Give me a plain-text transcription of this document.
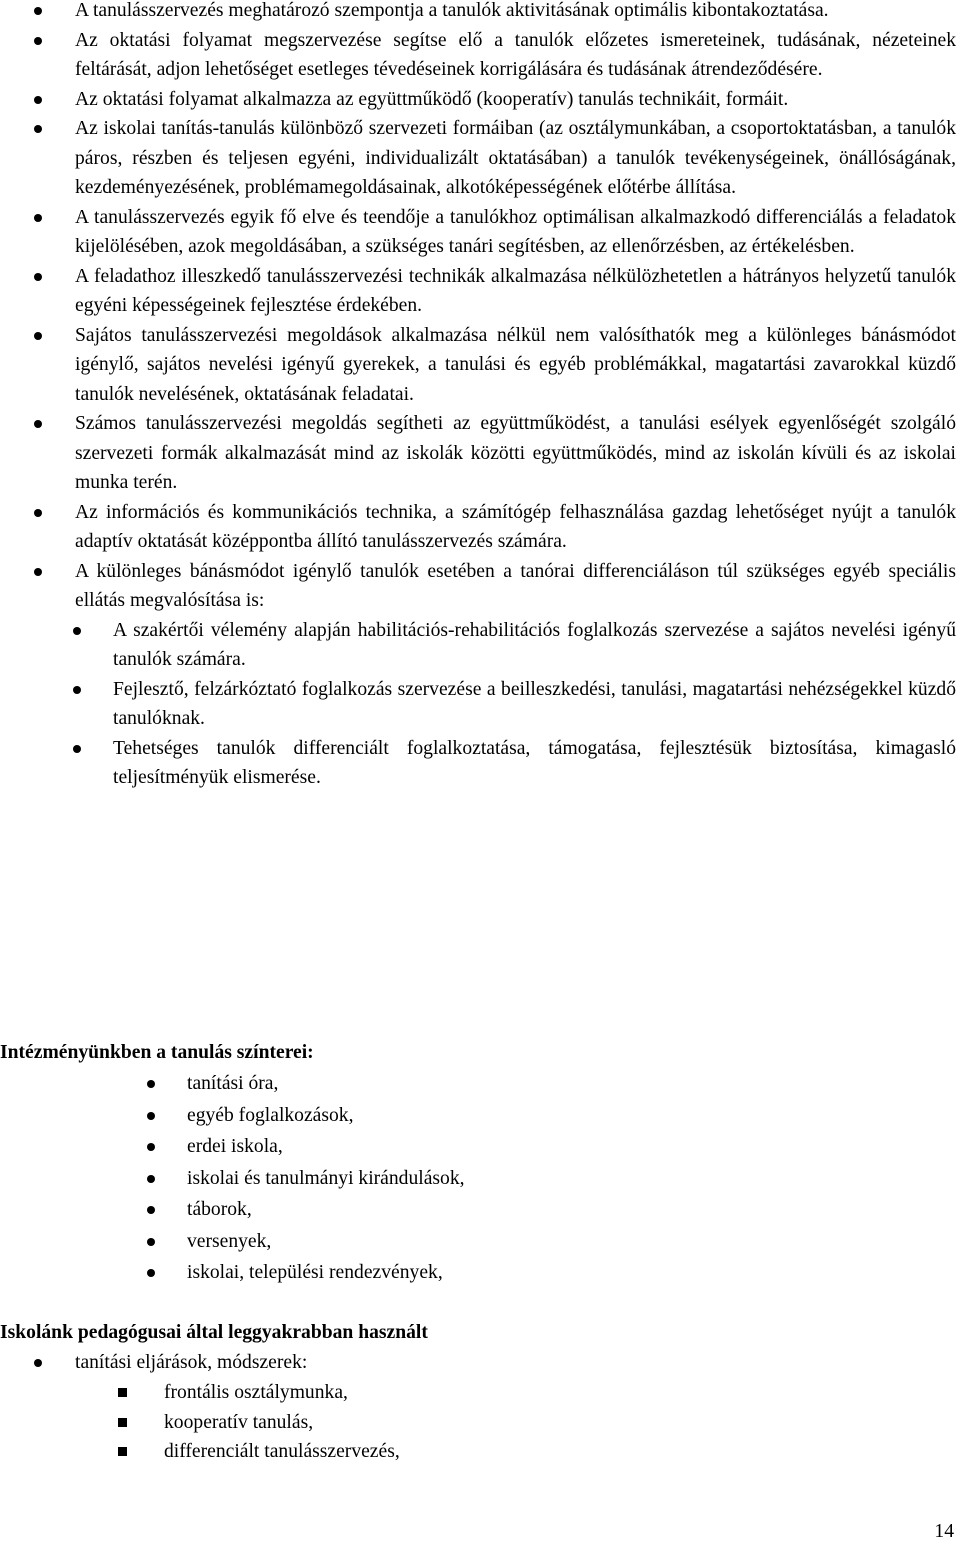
A tanulásszervezés meghatározó szempontja a tanulók aktivitásának optimális kibontakoztatása.
Az oktatási folyamat megszervezése segítse elő a tanulók előzetes ismereteinek, tudásának, nézeteinek feltárását, adjon lehetőséget esetleges tévedéseinek korrigálására és tudásának átrendeződésére.
Az oktatási folyamat alkalmazza az együttműködő (kooperatív) tanulás technikáit, formáit.
Az iskolai tanítás-tanulás különböző szervezeti formáiban (az osztálymunkában, a csoportoktatásban, a tanulók páros, részben és teljesen egyéni, individualizált oktatásában) a tanulók tevékenységeinek, önállóságának, kezdeményezésének, problémamegoldásainak, alkotóképességének előtérbe állítása.
A tanulásszervezés egyik fő elve és teendője a tanulókhoz optimálisan alkalmazkodó differenciálás a feladatok kijelölésében, azok megoldásában, a szükséges tanári segítésben, az ellenőrzésben, az értékelésben.
A feladathoz illeszkedő tanulásszervezési technikák alkalmazása nélkülözhetetlen a hátrányos helyzetű tanulók egyéni képességeinek fejlesztése érdekében.
Sajátos tanulásszervezési megoldások alkalmazása nélkül nem valósíthatók meg a különleges bánásmódot igénylő, sajátos nevelési igényű gyerekek, a tanulási és egyéb problémákkal, magatartási zavarokkal küzdő tanulók nevelésének, oktatásának feladatai.
Számos tanulásszervezési megoldás segítheti az együttműködést, a tanulási esélyek egyenlőségét szolgáló szervezeti formák alkalmazását mind az iskolák közötti együttműködés, mind az iskolán kívüli és az iskolai munka terén.
Az információs és kommunikációs technika, a számítógép felhasználása gazdag lehetőséget nyújt a tanulók adaptív oktatását középpontba állító tanulásszervezés számára.
A különleges bánásmódot igénylő tanulók esetében a tanórai differenciáláson túl szükséges egyéb speciális ellátás megvalósítása is:
A szakértői vélemény alapján habilitációs-rehabilitációs foglalkozás szervezése a sajátos nevelési igényű tanulók számára.
Fejlesztő, felzárkóztató foglalkozás szervezése a beilleszkedési, tanulási, magatartási nehézségekkel küzdő tanulóknak.
Tehetséges tanulók differenciált foglalkoztatása, támogatása, fejlesztésük biztosítása, kimagasló teljesítményük elismerése.

Intézményünkben a tanulás színterei:

tanítási óra,
egyéb foglalkozások,
erdei iskola,
iskolai és tanulmányi kirándulások,
táborok,
versenyek,
iskolai, települési rendezvények,

Iskolánk pedagógusai által leggyakrabban használt

tanítási eljárások, módszerek:
frontális osztálymunka,
kooperatív tanulás,
differenciált tanulásszervezés,
14
